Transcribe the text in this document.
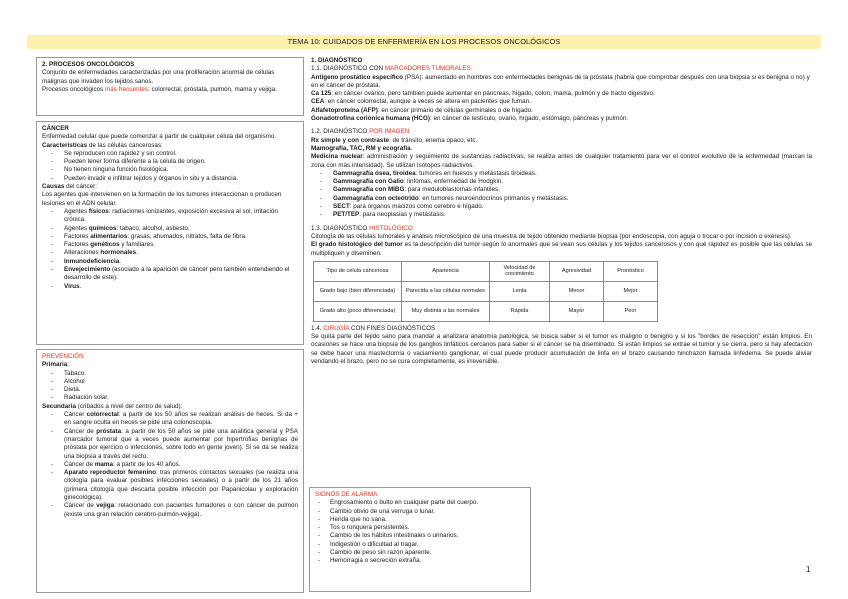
TEMA 10: CUIDADOS DE ENFERMERÍA EN LOS PROCESOS ONCOLÓGICOS

2. PROCESOS ONCOLÓGICOS

Conjunto de enfermedades caracterizadas por una proliferación anormal de células malignas que invaden los tejidos sanos.

Procesos oncológicos más frecuentes: colorrectal, próstata, pulmón, mama y vejiga.

CÁNCER

Enfermedad celular que puede comenzar a partir de cualquier célula del organismo.

Características de las células cancerosas:

- Se reproducen con rapidez y sin control.
- Pueden tener forma diferente a la célula de origen.
- No tienen ninguna función fisiológica.
- Pueden invadir e infiltrar tejidos y órganos in situ y a distancia.

Causas del cáncer:

Los agentes que intervienen en la formación de los tumores interaccionan o producen lesiones en el ADN celular.

- Agentes físicos: radiaciones ionizantes, exposición excesiva al sol, irritación crónica.
- Agentes químicos: tabaco, alcohol, asbesto.
- Factores alimentarios: grasas, ahumados, nitratos, falta de fibra.
- Factores genéticos y familiares.
- Alteraciones hormonales.
- Inmunodeficiencia.
- Envejecimiento (asociado a la aparición de cáncer pero también entendiendo el desarrollo de este).
- Virus.

PREVENCIÓN

Primaria:

- Tabaco.
- Alcohol
- Dieta.
- Radiación solar.

Secundaria (cribados a nivel del centro de salud):

- Cáncer colorrectal: a partir de los 50 años se realizan análisis de heces. Si da + en sangre oculta en heces se pide una colonoscopia.
- Cáncer de próstata: a partir de los 50 años se pide una analítica general y PSA (marcador tumoral que a veces puede aumentar por hipertrofias benignas de próstata por ejercicio o infecciones, sobre todo en gente joven). Si se da se realiza una biopsia a través del recto.
- Cáncer de mama: a partir de los 40 años.
- Aparato reproductor femenino: tras primeros contactos sexuales (se realiza una citología para evaluar posibles infecciones sexuales) o a partir de los 21 años (primera citología que descarta posible infección por Papanicolau y exploración ginecológica).
- Cáncer de vejiga: relacionado con pacientes fumadores o con cáncer de pulmón (existe una gran relación cerebro-pulmón-vejiga).

1. DIAGNÓSTICO

1.1. DIAGNÓSTICO CON MARCADORES TUMORALES

Antígeno prostático específico (PSA): aumentado en hombres con enfermedades benignas de la próstata (habría que comprobar después con una biopsia si es benigna o no) y en el cáncer de próstata.

Ca 125: en cáncer ovárico, pero también puede aumentar en páncreas, hígado, colon, mama, pulmón y de tracto digestivo.

CEA: en cáncer colorrectal, aunque a veces se altera en pacientes que fuman.

Alfafetoproteína (AFP): en cáncer primario de células germinales o de hígado.

Gonadotrofina coriónica humana (HCG): en cáncer de testículo, ovario, hígado, estómago, páncreas y pulmón.

1.2. DIAGNÓSTICO POR IMAGEN

Rx simple y con contraste: de tránsito, enema opaco, etc.

Mamografía, TAC, RM y ecografía.

Medicina nuclear: administración y seguimiento de sustancias radiactivas, se realiza antes de cualquier tratamiento para ver el control evolutivo de la enfermedad (marcan la zona con más intensidad). Se utilizan isótopos radiactivos.

- Gammagrafía ósea, tiroidea: tumores en huesos y metástasis tiroideas.
- Gammagrafía con Galio: linfomas, enfermedad de Hodgkin.
- Gammagrafía con MIBG: para meduloblastomas infantiles.
- Gammagrafía con octeótrido: en tumores neuroendocrinos primarios y metástasis.
- SECT: para órganos macizos como cerebro e hígado.
- PET/TEP: para neoplasias y metástasis.

1.3. DIAGNÓSTICO HISTOLÓGICO

Citología de las células tumorales y análisis microscópico de una muestra de tejido obtenido mediante biopsia (por endoscopia, con aguja o trocar o por incisión o exéresis).

El grado histológico del tumor es la descripción del tumor según lo anormales que se vean sus células y los tejidos cancerosos y con qué rapidez es posible que las células se multipliquen y diseminen.

Tipo de célula cancerosa	Apariencia	Velocidad de crecimiento	Agresividad	Pronóstico
Grado bajo (bien diferenciada)	Parecida a las células normales	Lenta	Menor	Mejor
Grado alto (poco diferenciada)	Muy distinta a las normales	Rápida	Mayor	Peor

1.4. CIRUGÍA CON FINES DIAGNÓSTICOS

Se quita parte del tejido sano para mandar a analizara anatomía patológica, se busca saber si el tumor es maligno o benigno y si los "bordes de resección" están limpios. En ocasiones se hace una biopsia de los ganglios linfáticos cercanos para saber si el cáncer se ha diseminado. Si están limpios se extrae el tumor y se cierra, pero si hay afectación se debe hacer una mastectomía o vaciamiento ganglionar, el cual puede producir acumulación de linfa en el brazo causando hinchazón llamada linfedema. Se puede aliviar vendando el brazo, pero no se cura completamente, es irreversible.

SIGNOS DE ALARMA

- Engrosamiento o bulto en cualquier parte del cuerpo.
- Cambio obvio de una verruga o lunar.
- Herida que no sana.
- Tos o ronquera persistentes.
- Cambio de los hábitos intestinales o urinarios.
- Indigestión o dificultad al tragar.
- Cambio de peso sin razón aparente.
- Hemorragia o secreción extraña.
1
